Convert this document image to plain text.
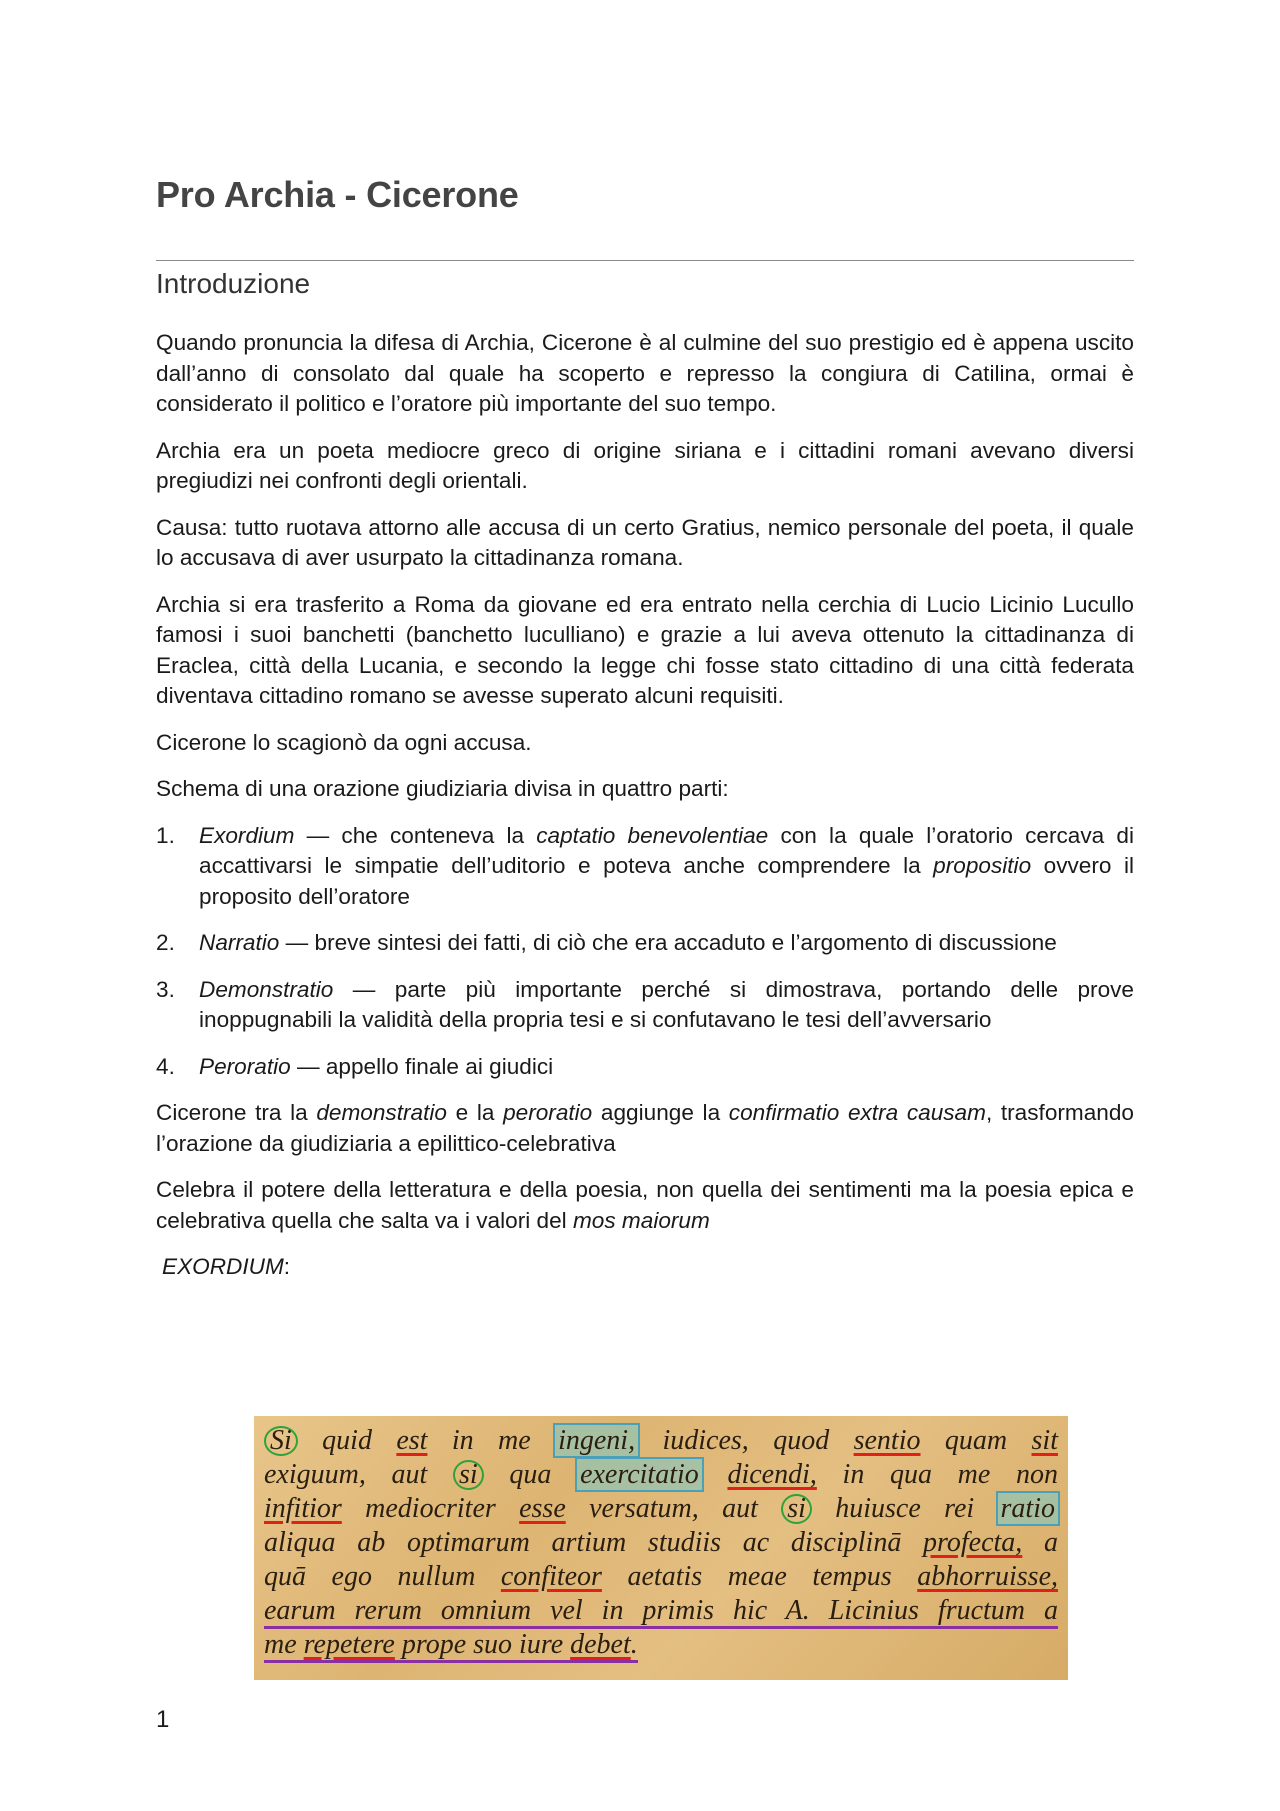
Pro Archia - Cicerone
Introduzione

Quando pronuncia la difesa di Archia, Cicerone è al culmine del suo prestigio ed è appena uscito dall’anno di consolato dal quale ha scoperto e represso la congiura di Catilina, ormai è considerato il politico e l’oratore più importante del suo tempo.

Archia era un poeta mediocre greco di origine siriana e i cittadini romani avevano diversi pregiudizi nei confronti degli orientali.

Causa: tutto ruotava attorno alle accusa di un certo Gratius, nemico personale del poeta, il quale lo accusava di aver usurpato la cittadinanza romana.

Archia si era trasferito a Roma da giovane ed era entrato nella cerchia di Lucio Licinio Lucullo famosi i suoi banchetti (banchetto luculliano) e grazie a lui aveva ottenuto la cittadinanza di Eraclea, città della Lucania, e secondo la legge chi fosse stato cittadino di una città federata diventava cittadino romano se avesse superato alcuni requisiti.

Cicerone lo scagionò da ogni accusa.

Schema di una orazione giudiziaria divisa in quattro parti:

1. Exordium — che conteneva la captatio benevolentiae con la quale l’oratorio cercava di accattivarsi le simpatie dell’uditorio e poteva anche comprendere la propositio ovvero il proposito dell’oratore
2. Narratio — breve sintesi dei fatti, di ciò che era accaduto e l’argomento di discussione
3. Demonstratio — parte più importante perché si dimostrava, portando delle prove inoppugnabili la validità della propria tesi e si confutavano le tesi dell’avversario
4. Peroratio — appello finale ai giudici

Cicerone tra la demonstratio e la peroratio aggiunge la confirmatio extra causam, trasformando l’orazione da giudiziaria a epilittico-celebrativa

Celebra il potere della letteratura e della poesia, non quella dei sentimenti ma la poesia epica e celebrativa quella che salta va i valori del mos maiorum

EXORDIUM:

Si quid est in me ingeni, iudices, quod sentio quam sit
exiguum, aut si qua exercitatio dicendi, in qua me non
infitior mediocriter esse versatum, aut si huiusce rei ratio
aliqua ab optimarum artium studiis ac disciplinā profecta, a
quā ego nullum confiteor aetatis meae tempus abhorruisse,
earum rerum omnium vel in primis hic A. Licinius fructum a
me repetere prope suo iure debet.
1
